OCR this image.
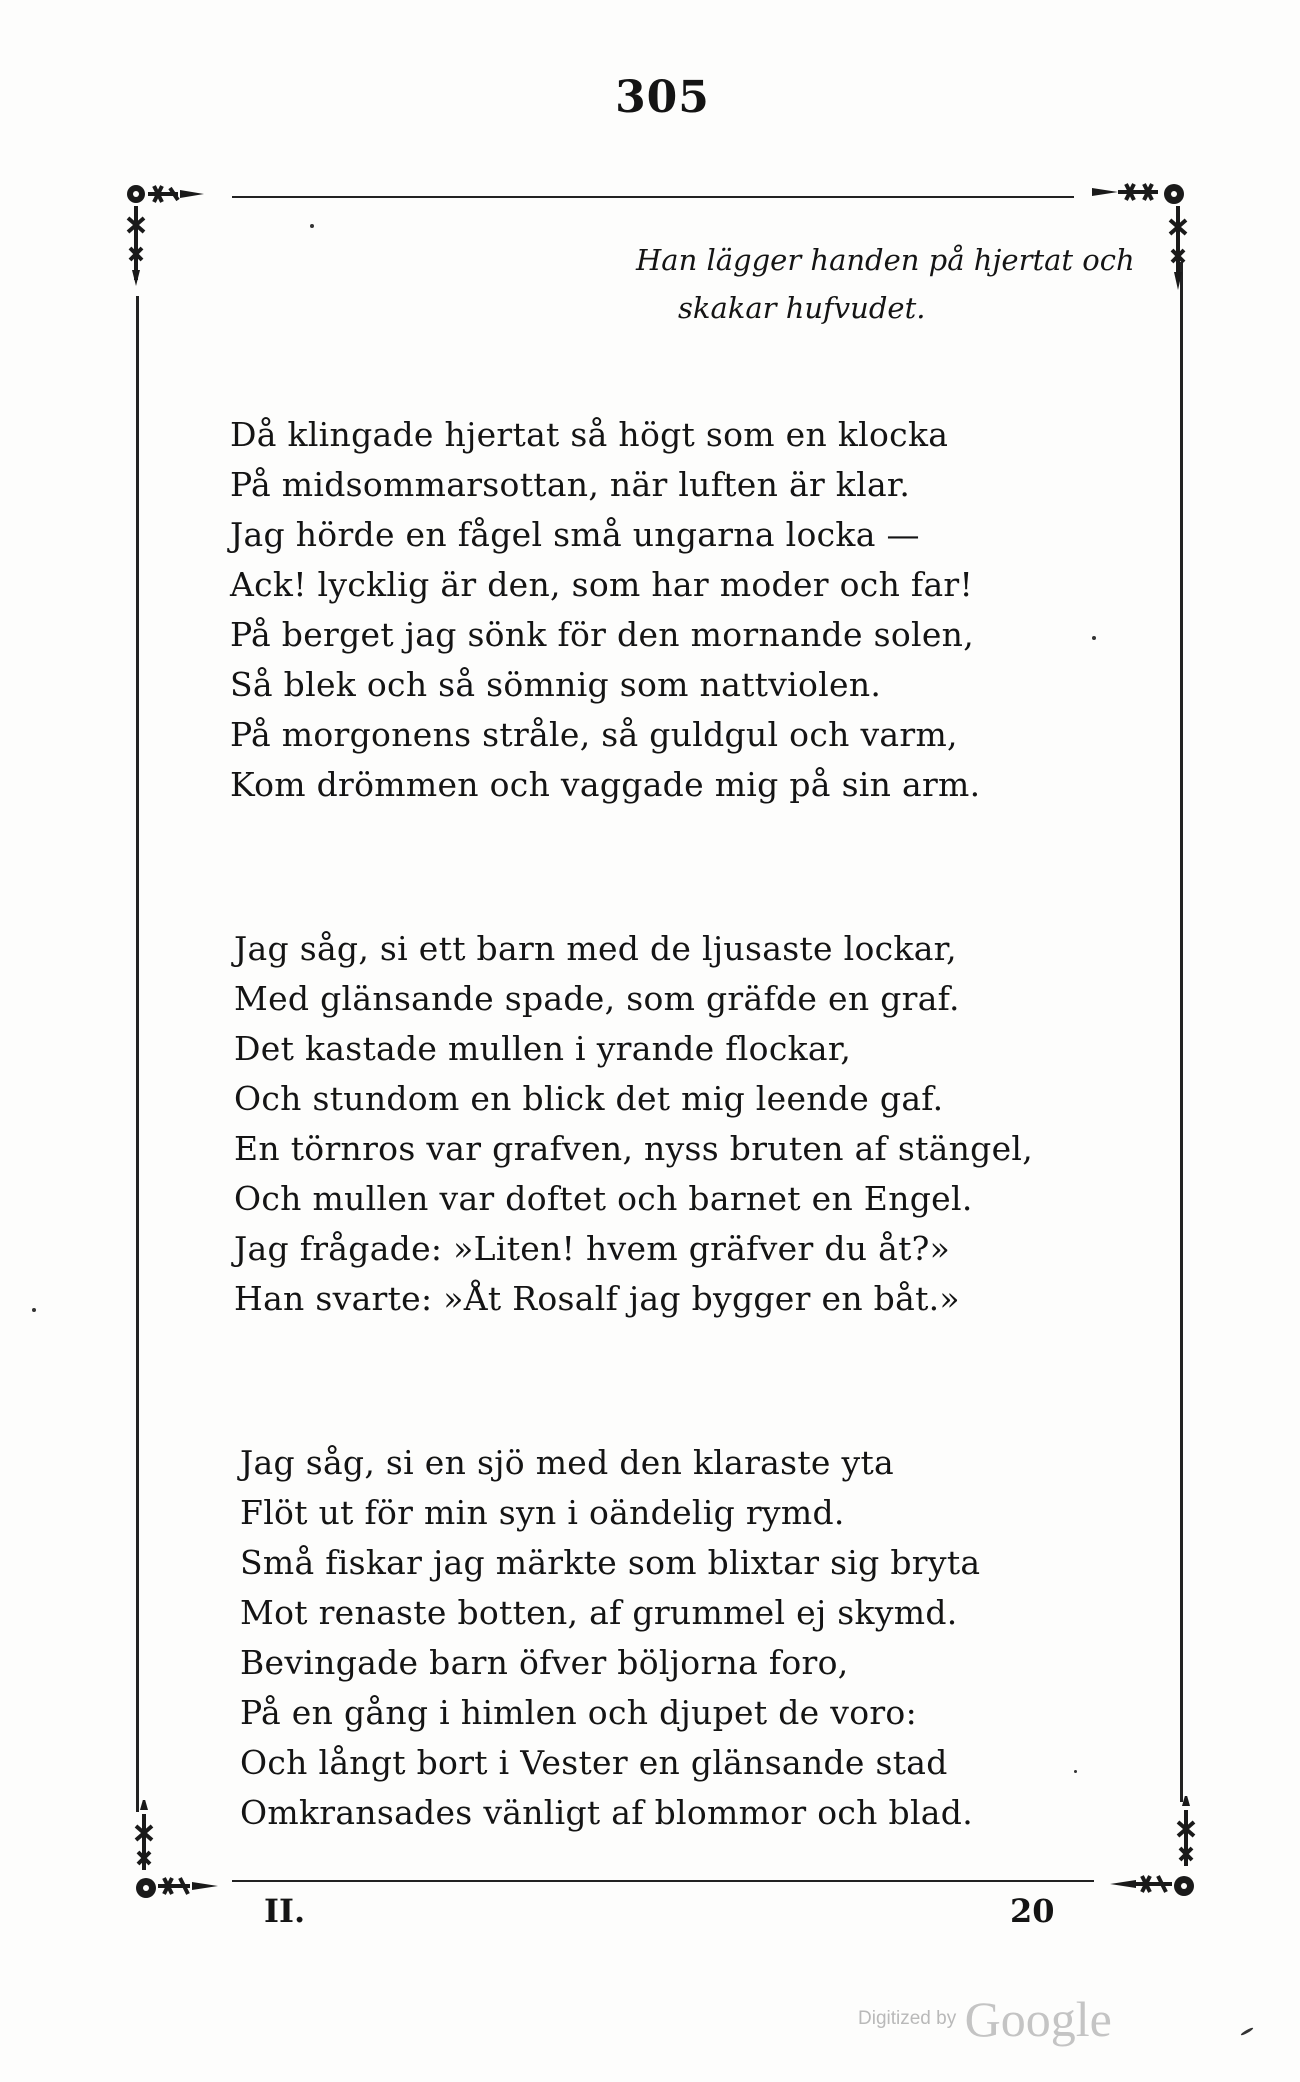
305
Han lägger handen på hjertat och
skakar hufvudet.
Då klingade hjertat så högt som en klocka
På midsommarsottan, när luften är klar.
Jag hörde en fågel små ungarna locka —
Ack! lycklig är den, som har moder och far!
På berget jag sönk för den mornande solen,
Så blek och så sömnig som nattviolen.
På morgonens stråle, så guldgul och varm,
Kom drömmen och vaggade mig på sin arm.
Jag såg, si ett barn med de ljusaste lockar,
Med glänsande spade, som gräfde en graf.
Det kastade mullen i yrande flockar,
Och stundom en blick det mig leende gaf.
En törnros var grafven, nyss bruten af stängel,
Och mullen var doftet och barnet en Engel.
Jag frågade: »Liten! hvem gräfver du åt?»
Han svarte: »Åt Rosalf jag bygger en båt.»
Jag såg, si en sjö med den klaraste yta
Flöt ut för min syn i oändelig rymd.
Små fiskar jag märkte som blixtar sig bryta
Mot renaste botten, af grummel ej skymd.
Bevingade barn öfver böljorna foro,
På en gång i himlen och djupet de voro:
Och långt bort i Vester en glänsande stad
Omkransades vänligt af blommor och blad.
II.	20
Digitized by Google
